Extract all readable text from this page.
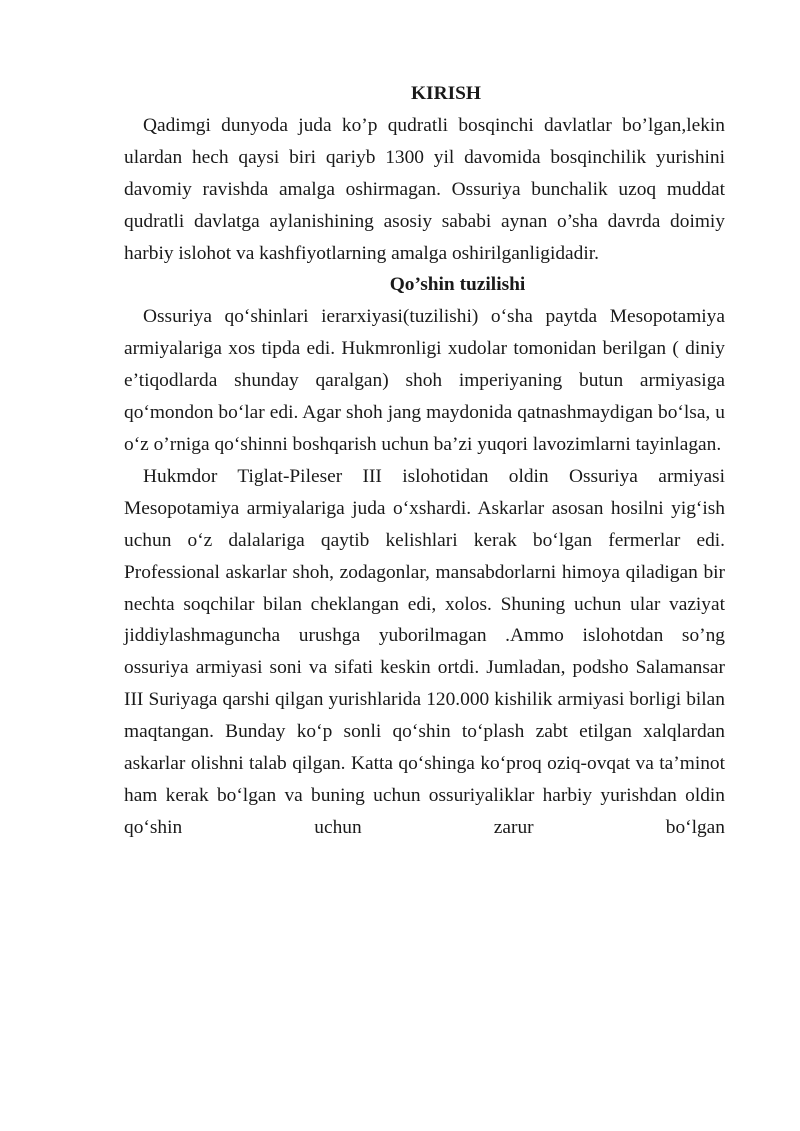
KIRISH

Qadimgi dunyoda juda ko’p qudratli bosqinchi davlatlar bo’lgan,lekin ulardan hech qaysi biri qariyb 1300 yil davomida bosqinchilik yurishini davomiy ravishda amalga oshirmagan. Ossuriya bunchalik uzoq muddat qudratli davlatga aylanishining asosiy sababi aynan o’sha davrda doimiy harbiy islohot va kashfiyotlarning amalga oshirilganligidadir.

Qo’shin tuzilishi

Ossuriya qo‘shinlari ierarxiyasi(tuzilishi) o‘sha paytda Mesopotamiya armiyalariga xos tipda edi. Hukmronligi xudolar tomonidan berilgan ( diniy e’tiqodlarda shunday qaralgan) shoh imperiyaning butun armiyasiga qo‘mondon bo‘lar edi. Agar shoh jang maydonida qatnashmaydigan bo‘lsa, u o‘z o’rniga qo‘shinni boshqarish uchun ba’zi yuqori lavozimlarni tayinlagan.

Hukmdor Tiglat-Pileser III islohotidan oldin Ossuriya armiyasi Mesopotamiya armiyalariga juda o‘xshardi. Askarlar asosan hosilni yig‘ish uchun o‘z dalalariga qaytib kelishlari kerak bo‘lgan fermerlar edi. Professional askarlar shoh, zodagonlar, mansabdorlarni himoya qiladigan bir nechta soqchilar bilan cheklangan edi, xolos. Shuning uchun ular vaziyat jiddiylashmaguncha urushga yuborilmagan .Ammo islohotdan so’ng ossuriya armiyasi soni va sifati keskin ortdi. Jumladan, podsho Salamansar III Suriyaga qarshi qilgan yurishlarida 120.000 kishilik armiyasi borligi bilan maqtangan. Bunday ko‘p sonli qo‘shin to‘plash zabt etilgan xalqlardan askarlar olishni talab qilgan. Katta qo‘shinga ko‘proq oziq-ovqat va ta’minot ham kerak bo‘lgan va buning uchun ossuriyaliklar harbiy yurishdan oldin qo‘shin uchun zarur bo‘lgan
